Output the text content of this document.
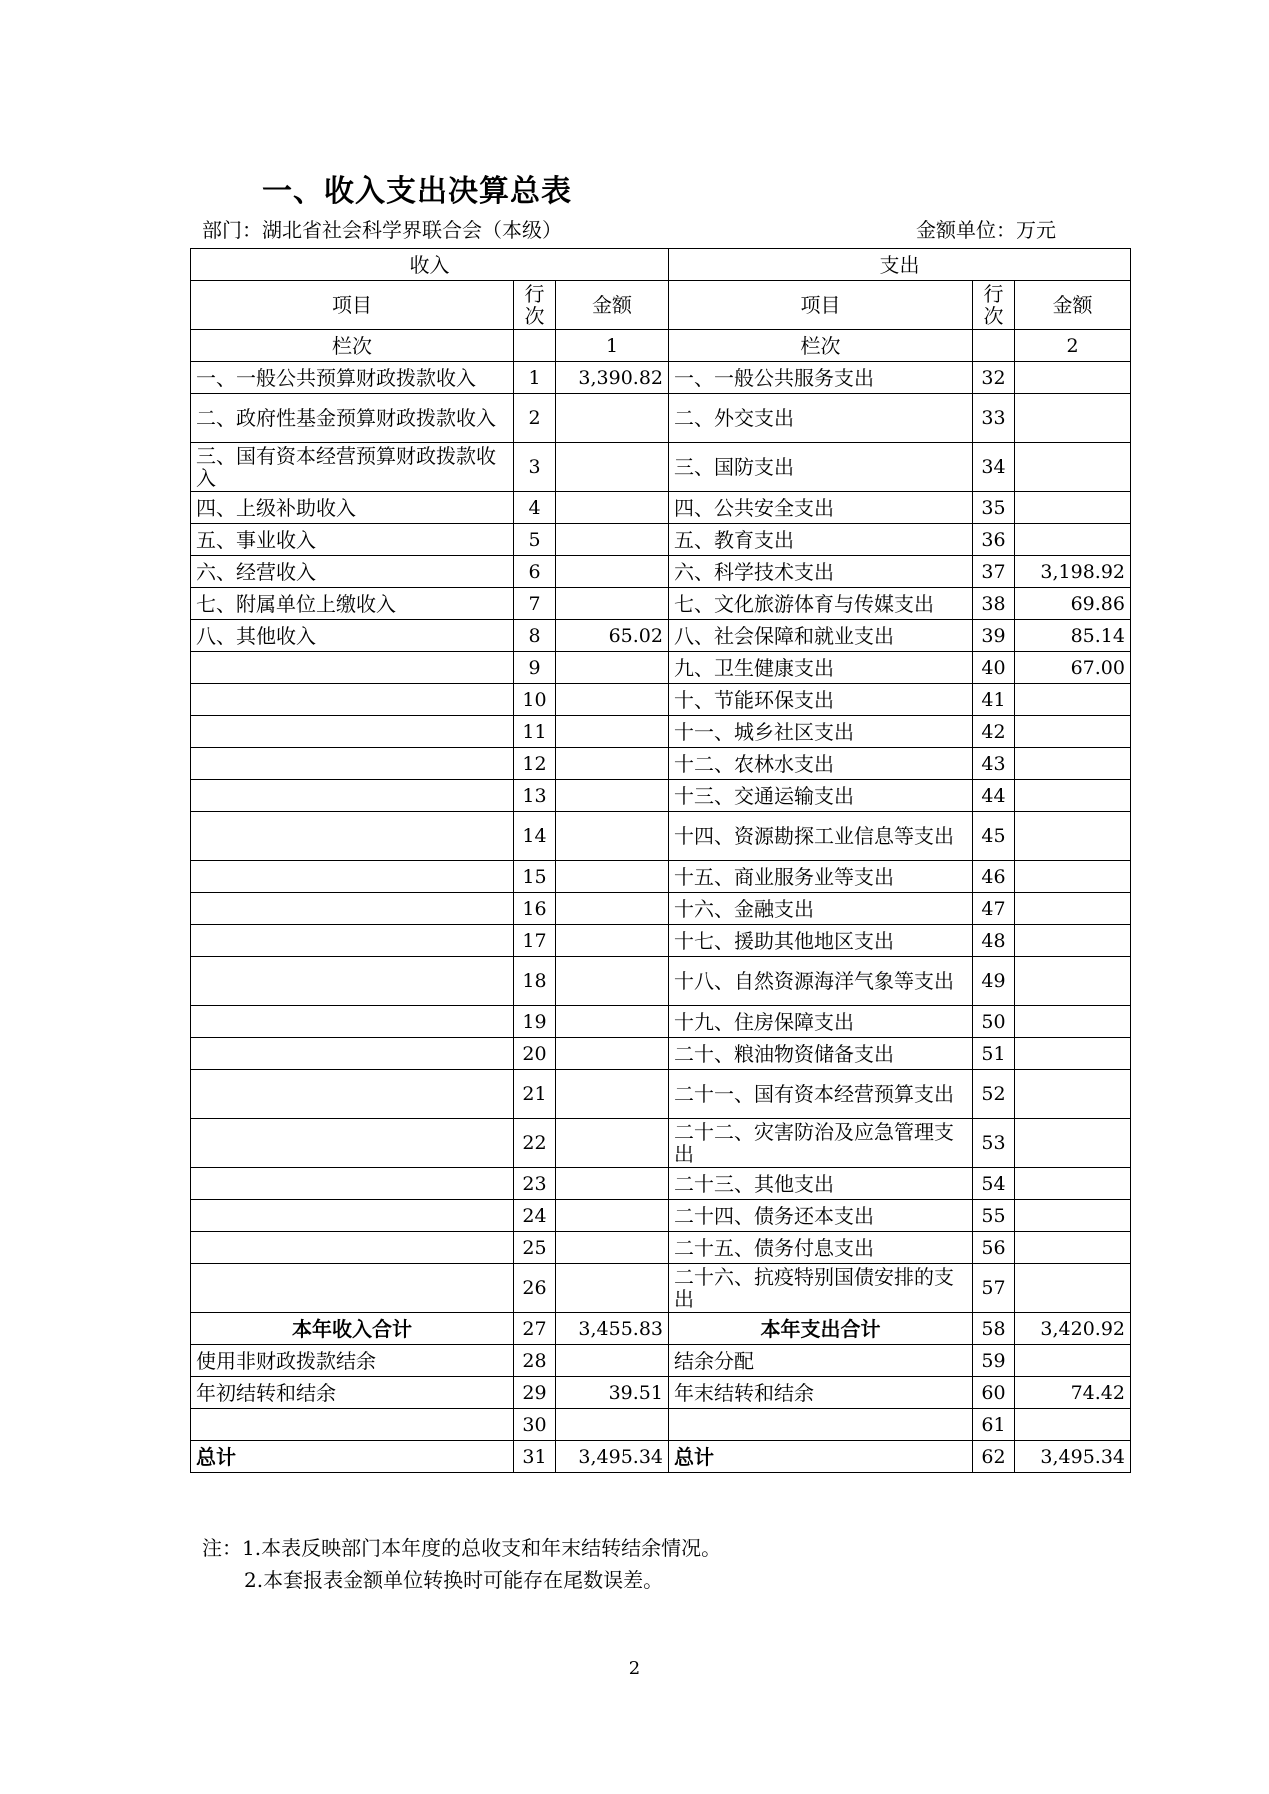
一、收入支出决算总表
部门：湖北省社会科学界联合会（本级）	金额单位：万元
收入			支出		
项目	行次	金额	项目	行次	金额
栏次		1	栏次		2
一、一般公共预算财政拨款收入	1	3,390.82	一、一般公共服务支出	32	
二、政府性基金预算财政拨款收入	2		二、外交支出	33	
三、国有资本经营预算财政拨款收入	3		三、国防支出	34	
四、上级补助收入	4		四、公共安全支出	35	
五、事业收入	5		五、教育支出	36	
六、经营收入	6		六、科学技术支出	37	3,198.92
七、附属单位上缴收入	7		七、文化旅游体育与传媒支出	38	69.86
八、其他收入	8	65.02	八、社会保障和就业支出	39	85.14
	9		九、卫生健康支出	40	67.00
	10		十、节能环保支出	41	
	11		十一、城乡社区支出	42	
	12		十二、农林水支出	43	
	13		十三、交通运输支出	44	
	14		十四、资源勘探工业信息等支出	45	
	15		十五、商业服务业等支出	46	
	16		十六、金融支出	47	
	17		十七、援助其他地区支出	48	
	18		十八、自然资源海洋气象等支出	49	
	19		十九、住房保障支出	50	
	20		二十、粮油物资储备支出	51	
	21		二十一、国有资本经营预算支出	52	
	22		二十二、灾害防治及应急管理支出	53	
	23		二十三、其他支出	54	
	24		二十四、债务还本支出	55	
	25		二十五、债务付息支出	56	
	26		二十六、抗疫特别国债安排的支出	57	
本年收入合计	27	3,455.83	本年支出合计	58	3,420.92
使用非财政拨款结余	28		结余分配	59	
年初结转和结余	29	39.51	年末结转和结余	60	74.42
	30			61	
总计	31	3,495.34	总计	62	3,495.34
注：1.本表反映部门本年度的总收支和年末结转结余情况。
2.本套报表金额单位转换时可能存在尾数误差。
2
